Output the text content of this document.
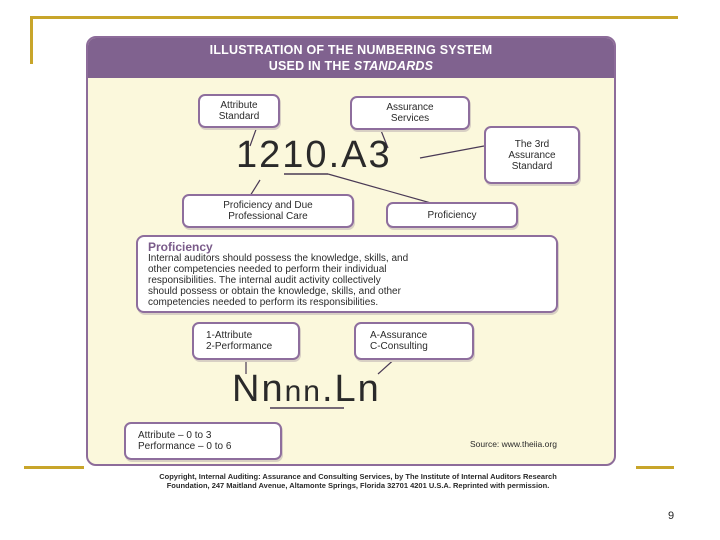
ILLUSTRATION OF THE NUMBERING SYSTEM
USED IN THE STANDARDS
Attribute
Standard
Assurance
Services
The 3rd
Assurance
Standard
1210.A3
Proficiency and Due
Professional Care	Proficiency
Proficiency
Internal auditors should possess the knowledge, skills, and
other competencies needed to perform their individual
responsibilities. The internal audit activity collectively
should possess or obtain the knowledge, skills, and other
competencies needed to perform its responsibilities.
1-Attribute
2-Performance
A-Assurance
C-Consulting
Nnnn.Ln
Attribute – 0 to 3
Performance – 0 to 6	Source: www.theiia.org
Copyright, Internal Auditing: Assurance and Consulting Services, by The Institute of Internal Auditors Research
Foundation, 247 Maitland Avenue, Altamonte Springs, Florida 32701 4201 U.S.A. Reprinted with permission.
9
